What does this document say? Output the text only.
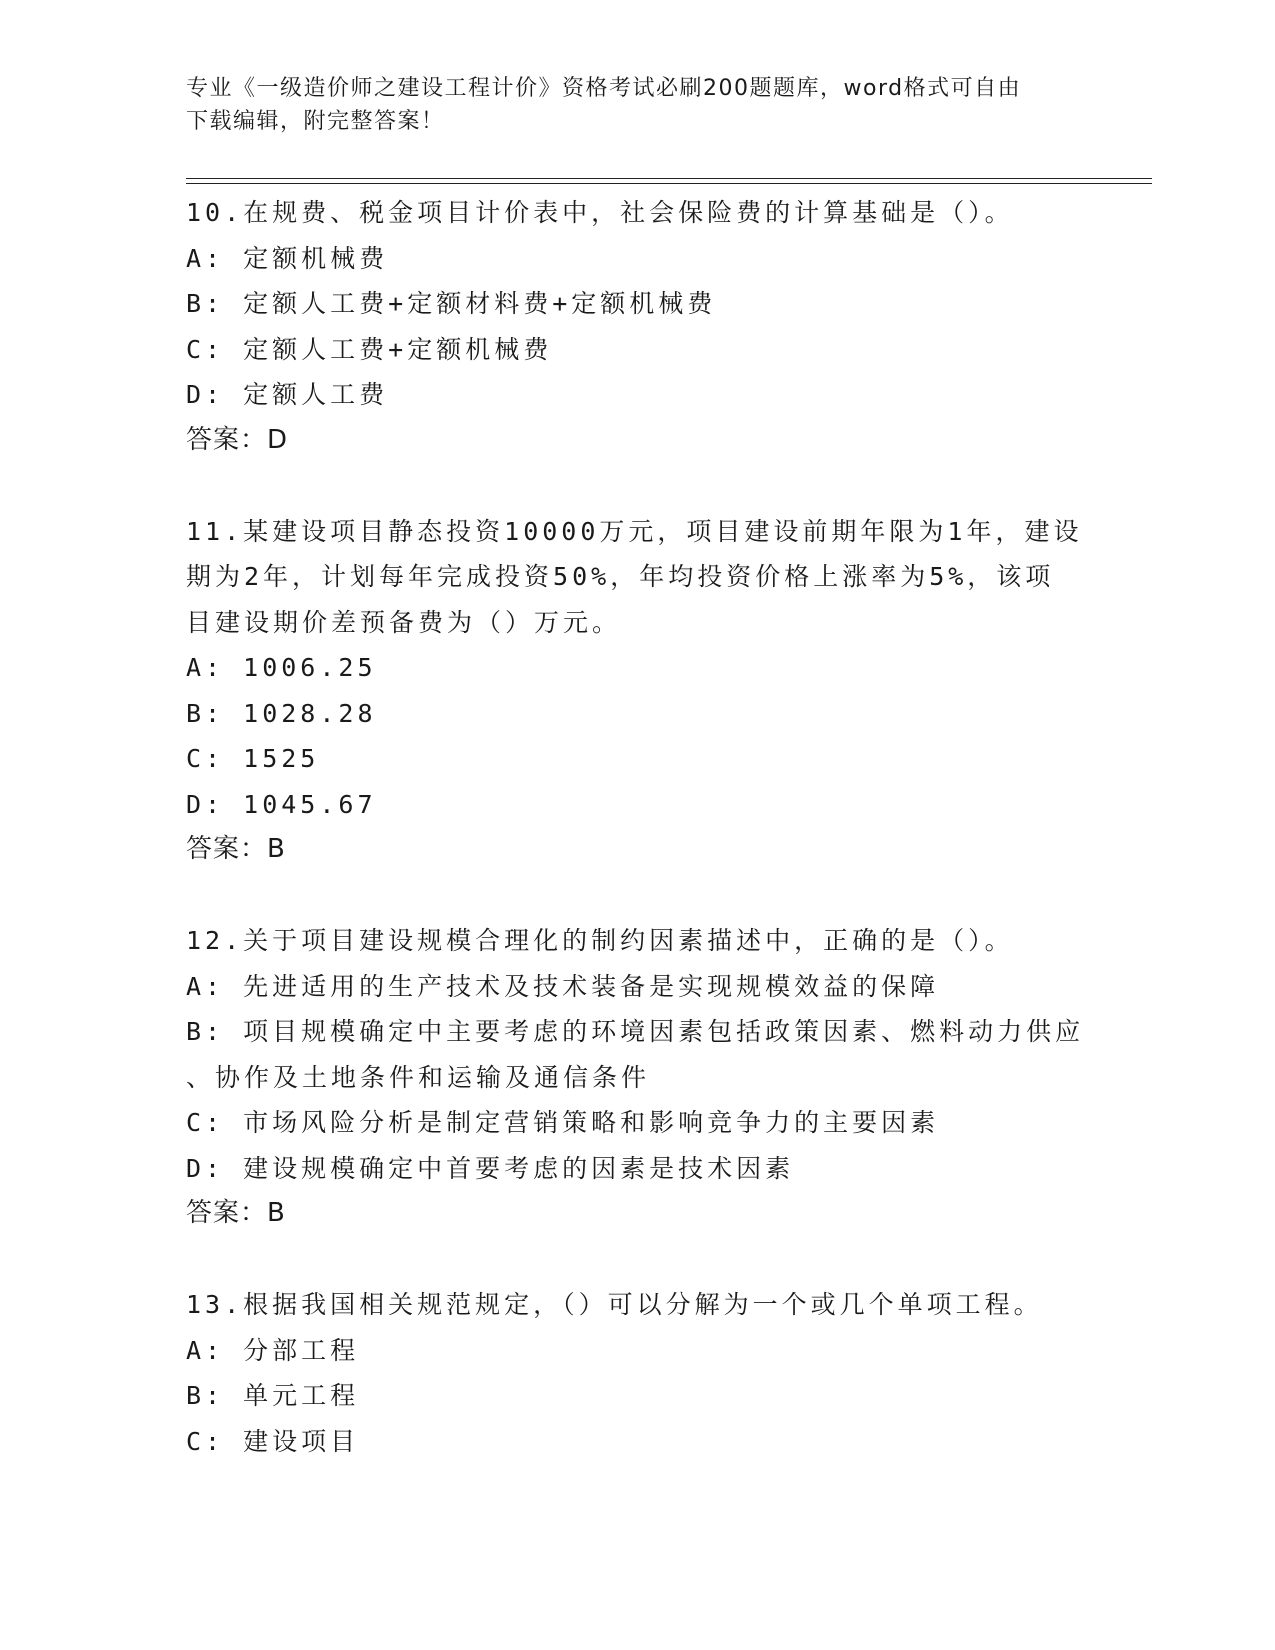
专业《一级造价师之建设工程计价》资格考试必刷200题题库，word格式可自由
下载编辑，附完整答案！
10.在规费、税金项目计价表中，社会保险费的计算基础是（）。
A: 定额机械费
B: 定额人工费+定额材料费+定额机械费
C: 定额人工费+定额机械费
D: 定额人工费
答案：D
11.某建设项目静态投资10000万元，项目建设前期年限为1年，建设
期为2年，计划每年完成投资50%，年均投资价格上涨率为5%，该项
目建设期价差预备费为（）万元。
A: 1006.25
B: 1028.28
C: 1525
D: 1045.67
答案：B
12.关于项目建设规模合理化的制约因素描述中，正确的是（）。
A: 先进适用的生产技术及技术装备是实现规模效益的保障
B: 项目规模确定中主要考虑的环境因素包括政策因素、燃料动力供应
、协作及土地条件和运输及通信条件
C: 市场风险分析是制定营销策略和影响竞争力的主要因素
D: 建设规模确定中首要考虑的因素是技术因素
答案：B
13.根据我国相关规范规定，（）可以分解为一个或几个单项工程。
A: 分部工程
B: 单元工程
C: 建设项目
